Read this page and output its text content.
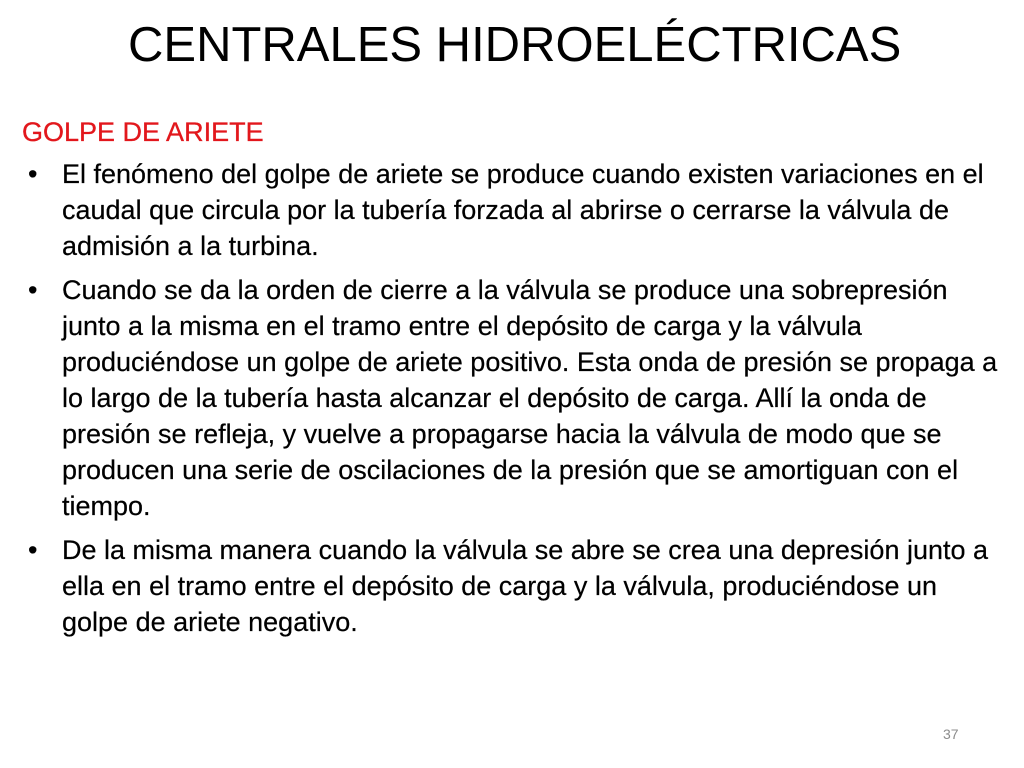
CENTRALES HIDROELÉCTRICAS
GOLPE DE ARIETE
• El fenómeno del golpe de ariete se produce cuando existen variaciones en el caudal que circula por la tubería forzada al abrirse o cerrarse la válvula de admisión a la turbina.
• Cuando se da la orden de cierre a la válvula se produce una sobrepresión junto a la misma en el tramo entre el depósito de carga y la válvula produciéndose un golpe de ariete positivo. Esta onda de presión se propaga a lo largo de la tubería hasta alcanzar el depósito de carga. Allí la onda de presión se refleja, y vuelve a propagarse hacia la válvula de modo que se producen una serie de oscilaciones de la presión que se amortiguan con el tiempo.
• De la misma manera cuando la válvula se abre se crea una depresión junto a ella en el tramo entre el depósito de carga y la válvula, produciéndose un golpe de ariete negativo.
37
